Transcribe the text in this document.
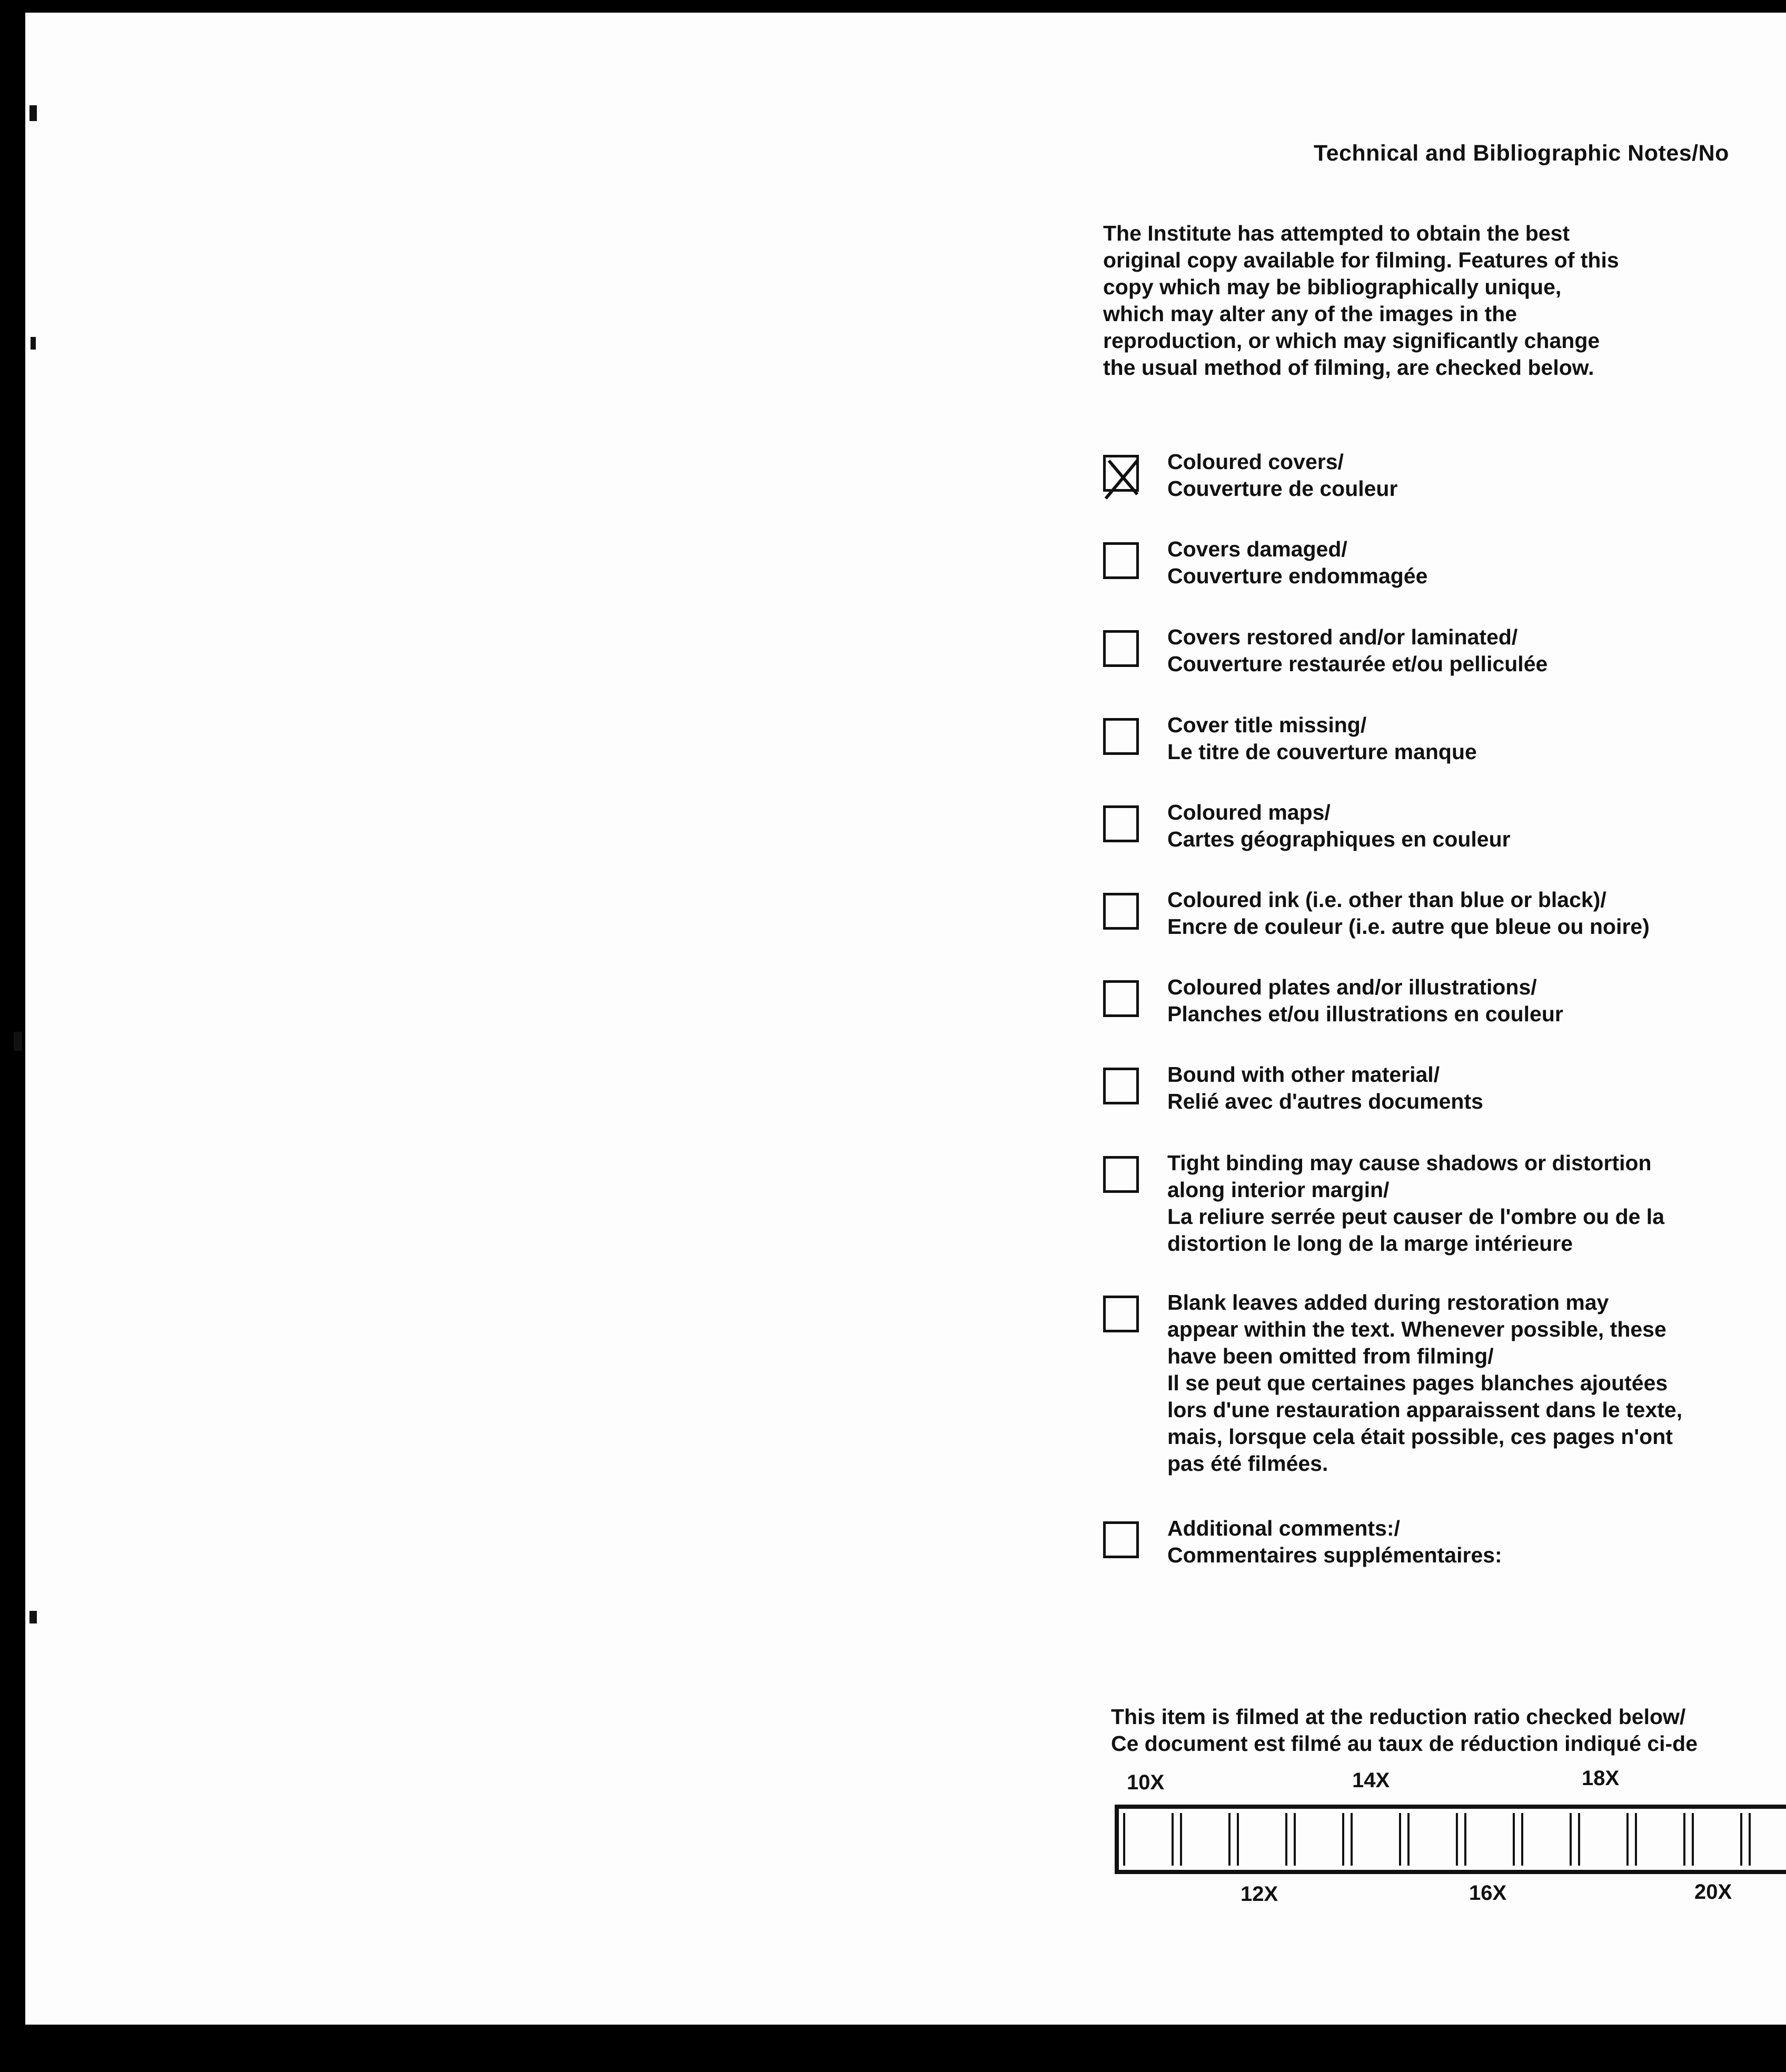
Technical and Bibliographic Notes/No
The Institute has attempted to obtain the best
original copy available for filming. Features of this
copy which may be bibliographically unique,
which may alter any of the images in the
reproduction, or which may significantly change
the usual method of filming, are checked below.
Coloured covers/
Couverture de couleur
Covers damaged/
Couverture endommagée
Covers restored and/or laminated/
Couverture restaurée et/ou pelliculée
Cover title missing/
Le titre de couverture manque
Coloured maps/
Cartes géographiques en couleur
Coloured ink (i.e. other than blue or black)/
Encre de couleur (i.e. autre que bleue ou noire)
Coloured plates and/or illustrations/
Planches et/ou illustrations en couleur
Bound with other material/
Relié avec d'autres documents
Tight binding may cause shadows or distortion
along interior margin/
La reliure serrée peut causer de l'ombre ou de la
distortion le long de la marge intérieure
Blank leaves added during restoration may
appear within the text. Whenever possible, these
have been omitted from filming/
Il se peut que certaines pages blanches ajoutées
lors d'une restauration apparaissent dans le texte,
mais, lorsque cela était possible, ces pages n'ont
pas été filmées.
Additional comments:/
Commentaires supplémentaires:
This item is filmed at the reduction ratio checked below/
Ce document est filmé au taux de réduction indiqué ci-de
10X	14X	18X
12X	16X	20X
